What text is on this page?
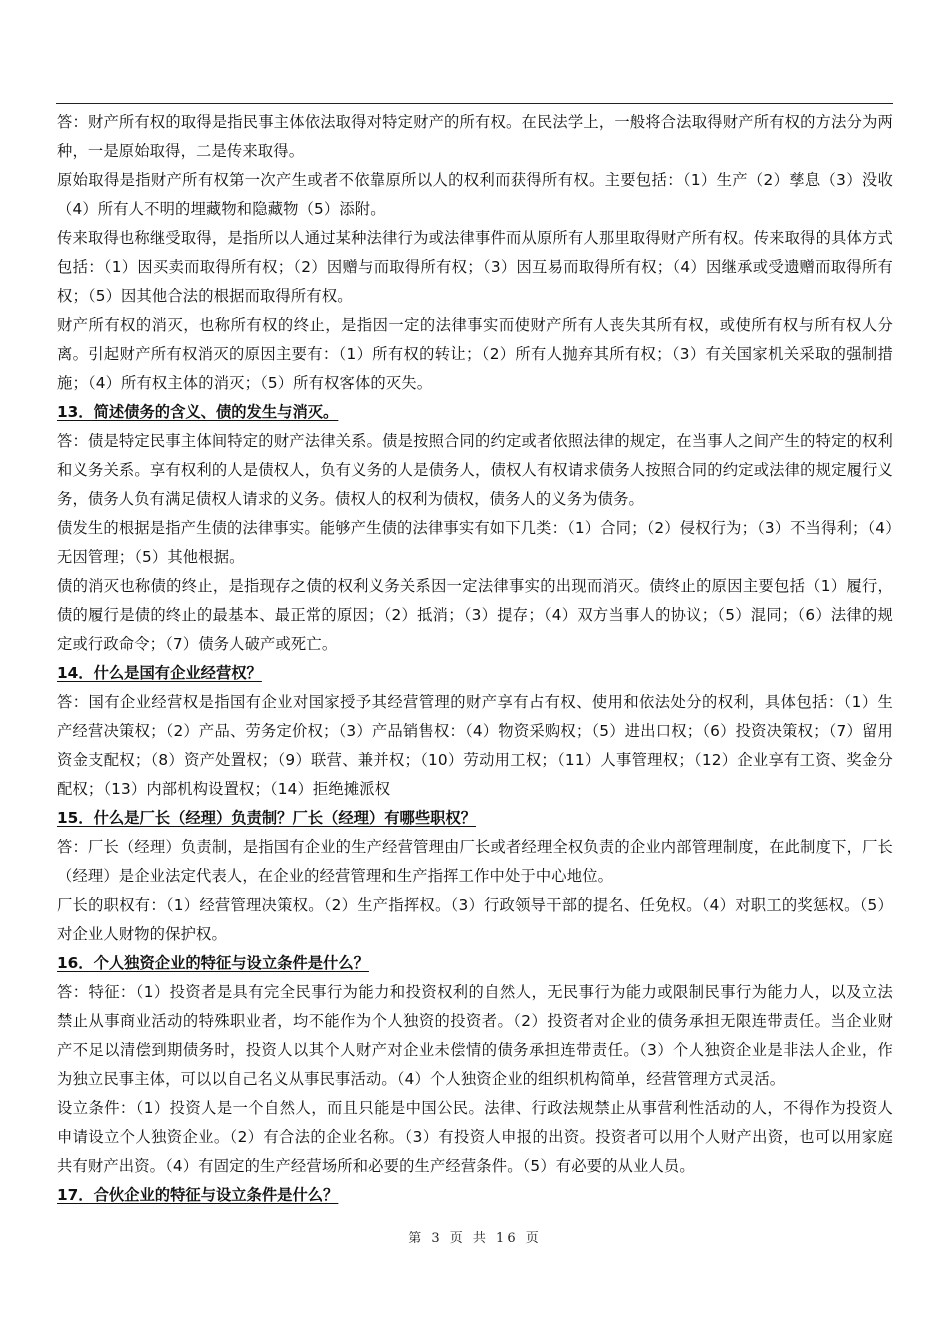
答：财产所有权的取得是指民事主体依法取得对特定财产的所有权。在民法学上，一般将合法取得财产所有权的方法分为两种，一是原始取得，二是传来取得。

原始取得是指财产所有权第一次产生或者不依靠原所以人的权利而获得所有权。主要包括：（1）生产（2）孳息（3）没收（4）所有人不明的埋藏物和隐藏物（5）添附。

传来取得也称继受取得，是指所以人通过某种法律行为或法律事件而从原所有人那里取得财产所有权。传来取得的具体方式包括：（1）因买卖而取得所有权；（2）因赠与而取得所有权；（3）因互易而取得所有权；（4）因继承或受遗赠而取得所有权；（5）因其他合法的根据而取得所有权。

财产所有权的消灭，也称所有权的终止，是指因一定的法律事实而使财产所有人丧失其所有权，或使所有权与所有权人分离。引起财产所有权消灭的原因主要有：（1）所有权的转让；（2）所有人抛弃其所有权；（3）有关国家机关采取的强制措施；（4）所有权主体的消灭；（5）所有权客体的灭失。

13．简述债务的含义、债的发生与消灭。

答：债是特定民事主体间特定的财产法律关系。债是按照合同的约定或者依照法律的规定，在当事人之间产生的特定的权利和义务关系。享有权利的人是债权人，负有义务的人是债务人，债权人有权请求债务人按照合同的约定或法律的规定履行义务，债务人负有满足债权人请求的义务。债权人的权利为债权，债务人的义务为债务。

债发生的根据是指产生债的法律事实。能够产生债的法律事实有如下几类：（1）合同；（2）侵权行为；（3）不当得利；（4）无因管理；（5）其他根据。

债的消灭也称债的终止，是指现存之债的权利义务关系因一定法律事实的出现而消灭。债终止的原因主要包括（1）履行，债的履行是债的终止的最基本、最正常的原因；（2）抵消；（3）提存；（4）双方当事人的协议；（5）混同；（6）法律的规定或行政命令；（7）债务人破产或死亡。

14．什么是国有企业经营权？

答：国有企业经营权是指国有企业对国家授予其经营管理的财产享有占有权、使用和依法处分的权利，具体包括：（1）生产经营决策权；（2）产品、劳务定价权；（3）产品销售权：（4）物资采购权；（5）进出口权；（6）投资决策权；（7）留用资金支配权；（8）资产处置权；（9）联营、兼并权；（10）劳动用工权；（11）人事管理权；（12）企业享有工资、奖金分配权；（13）内部机构设置权；（14）拒绝摊派权

15．什么是厂长（经理）负责制？厂长（经理）有哪些职权？

答：厂长（经理）负责制，是指国有企业的生产经营管理由厂长或者经理全权负责的企业内部管理制度，在此制度下，厂长（经理）是企业法定代表人，在企业的经营管理和生产指挥工作中处于中心地位。

厂长的职权有：（1）经营管理决策权。（2）生产指挥权。（3）行政领导干部的提名、任免权。（4）对职工的奖惩权。（5）对企业人财物的保护权。

16．个人独资企业的特征与设立条件是什么？

答：特征：（1）投资者是具有完全民事行为能力和投资权利的自然人，无民事行为能力或限制民事行为能力人，以及立法禁止从事商业活动的特殊职业者，均不能作为个人独资的投资者。（2）投资者对企业的债务承担无限连带责任。当企业财产不足以清偿到期债务时，投资人以其个人财产对企业未偿情的债务承担连带责任。（3）个人独资企业是非法人企业，作为独立民事主体，可以以自己名义从事民事活动。（4）个人独资企业的组织机构简单，经营管理方式灵活。

设立条件：（1）投资人是一个自然人，而且只能是中国公民。法律、行政法规禁止从事营利性活动的人，不得作为投资人申请设立个人独资企业。（2）有合法的企业名称。（3）有投资人申报的出资。投资者可以用个人财产出资，也可以用家庭共有财产出资。（4）有固定的生产经营场所和必要的生产经营条件。（5）有必要的从业人员。

17．合伙企业的特征与设立条件是什么？

第 3 页 共 16 页
